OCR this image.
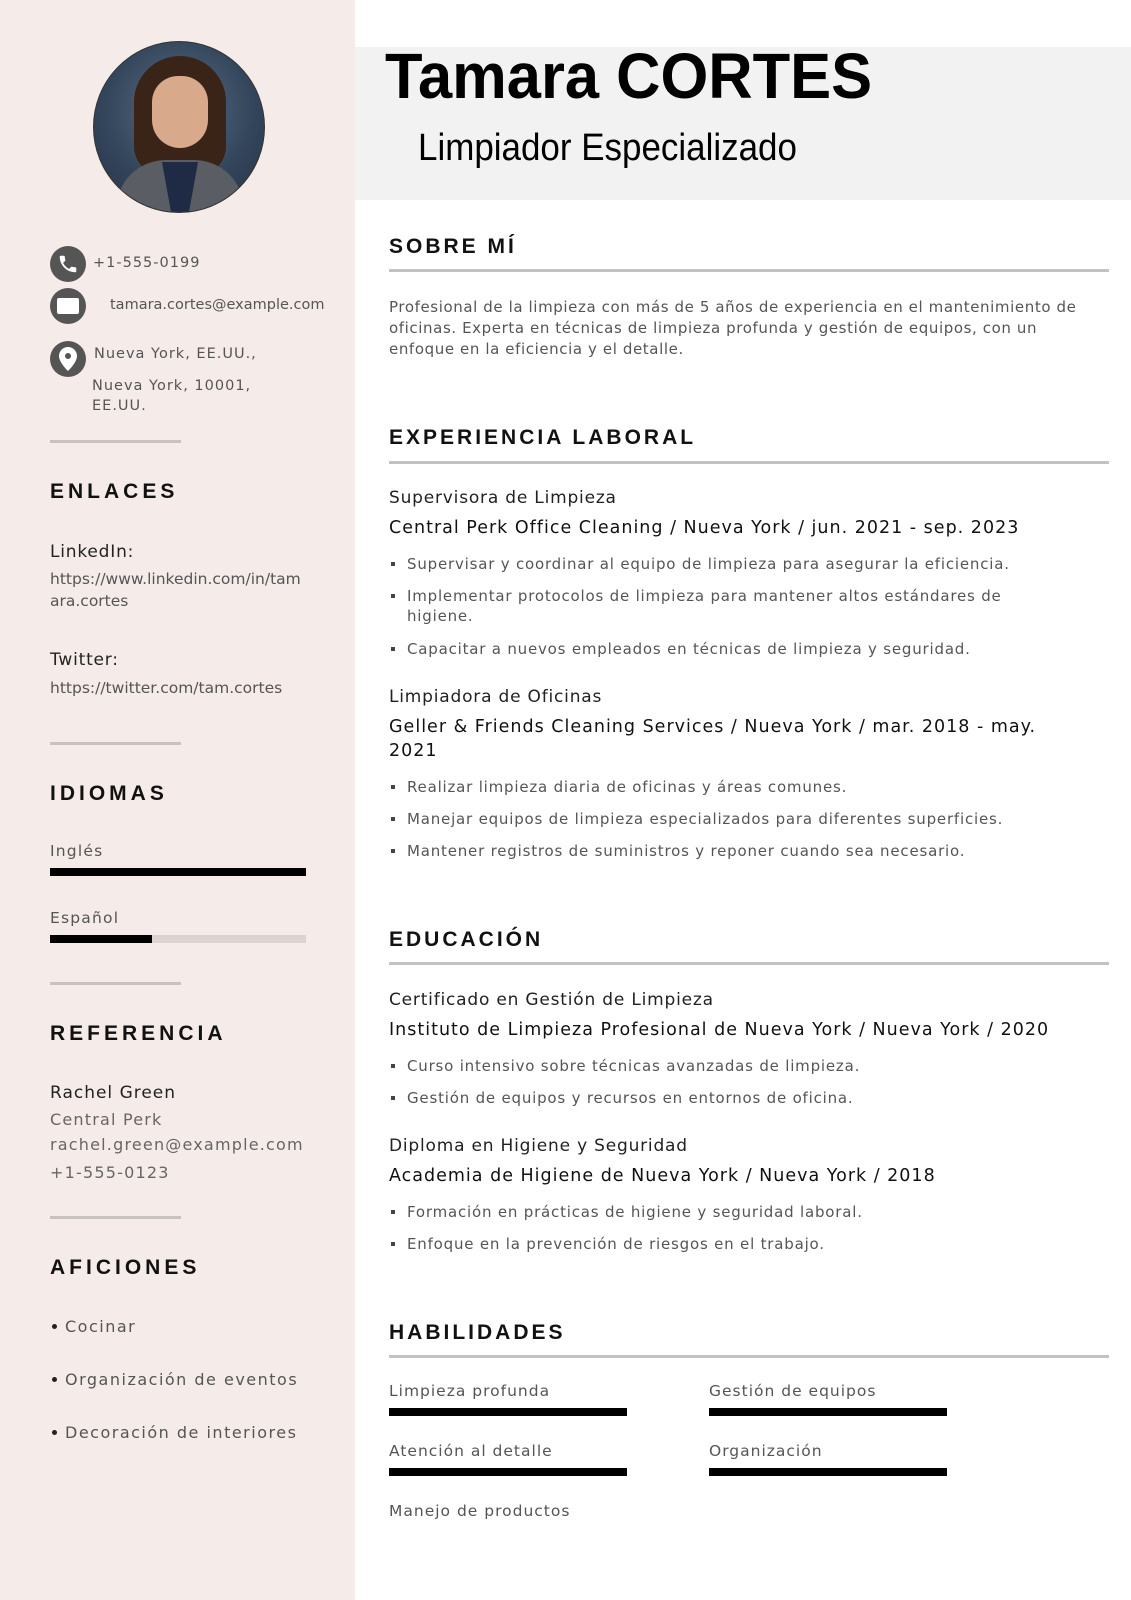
+1-555-0199
tamara.cortes@example.com
Nueva York, EE.UU.,
Nueva York, 10001,
EE.UU.
ENLACES
LinkedIn:
https://www.linkedin.com/in/tamara.cortes
Twitter:
https://twitter.com/tam.cortes
IDIOMAS
Inglés
Español
REFERENCIA
Rachel Green
Central Perk
rachel.green@example.com
+1-555-0123
AFICIONES
Cocinar
Organización de eventos
Decoración de interiores
Tamara CORTES
Limpiador Especializado
SOBRE MÍ

Profesional de la limpieza con más de 5 años de experiencia en el mantenimiento de oficinas. Experta en técnicas de limpieza profunda y gestión de equipos, con un enfoque en la eficiencia y el detalle.

EXPERIENCIA LABORAL
Supervisora de Limpieza
Central Perk Office Cleaning / Nueva York / jun. 2021 - sep. 2023
Supervisar y coordinar al equipo de limpieza para asegurar la eficiencia.
Implementar protocolos de limpieza para mantener altos estándares de higiene.
Capacitar a nuevos empleados en técnicas de limpieza y seguridad.
Limpiadora de Oficinas
Geller & Friends Cleaning Services / Nueva York / mar. 2018 - may. 2021
Realizar limpieza diaria de oficinas y áreas comunes.
Manejar equipos de limpieza especializados para diferentes superficies.
Mantener registros de suministros y reponer cuando sea necesario.
EDUCACIÓN
Certificado en Gestión de Limpieza
Instituto de Limpieza Profesional de Nueva York / Nueva York / 2020
Curso intensivo sobre técnicas avanzadas de limpieza.
Gestión de equipos y recursos en entornos de oficina.
Diploma en Higiene y Seguridad
Academia de Higiene de Nueva York / Nueva York / 2018
Formación en prácticas de higiene y seguridad laboral.
Enfoque en la prevención de riesgos en el trabajo.
HABILIDADES
Limpieza profunda	Gestión de equipos
Atención al detalle	Organización
Manejo de productos
